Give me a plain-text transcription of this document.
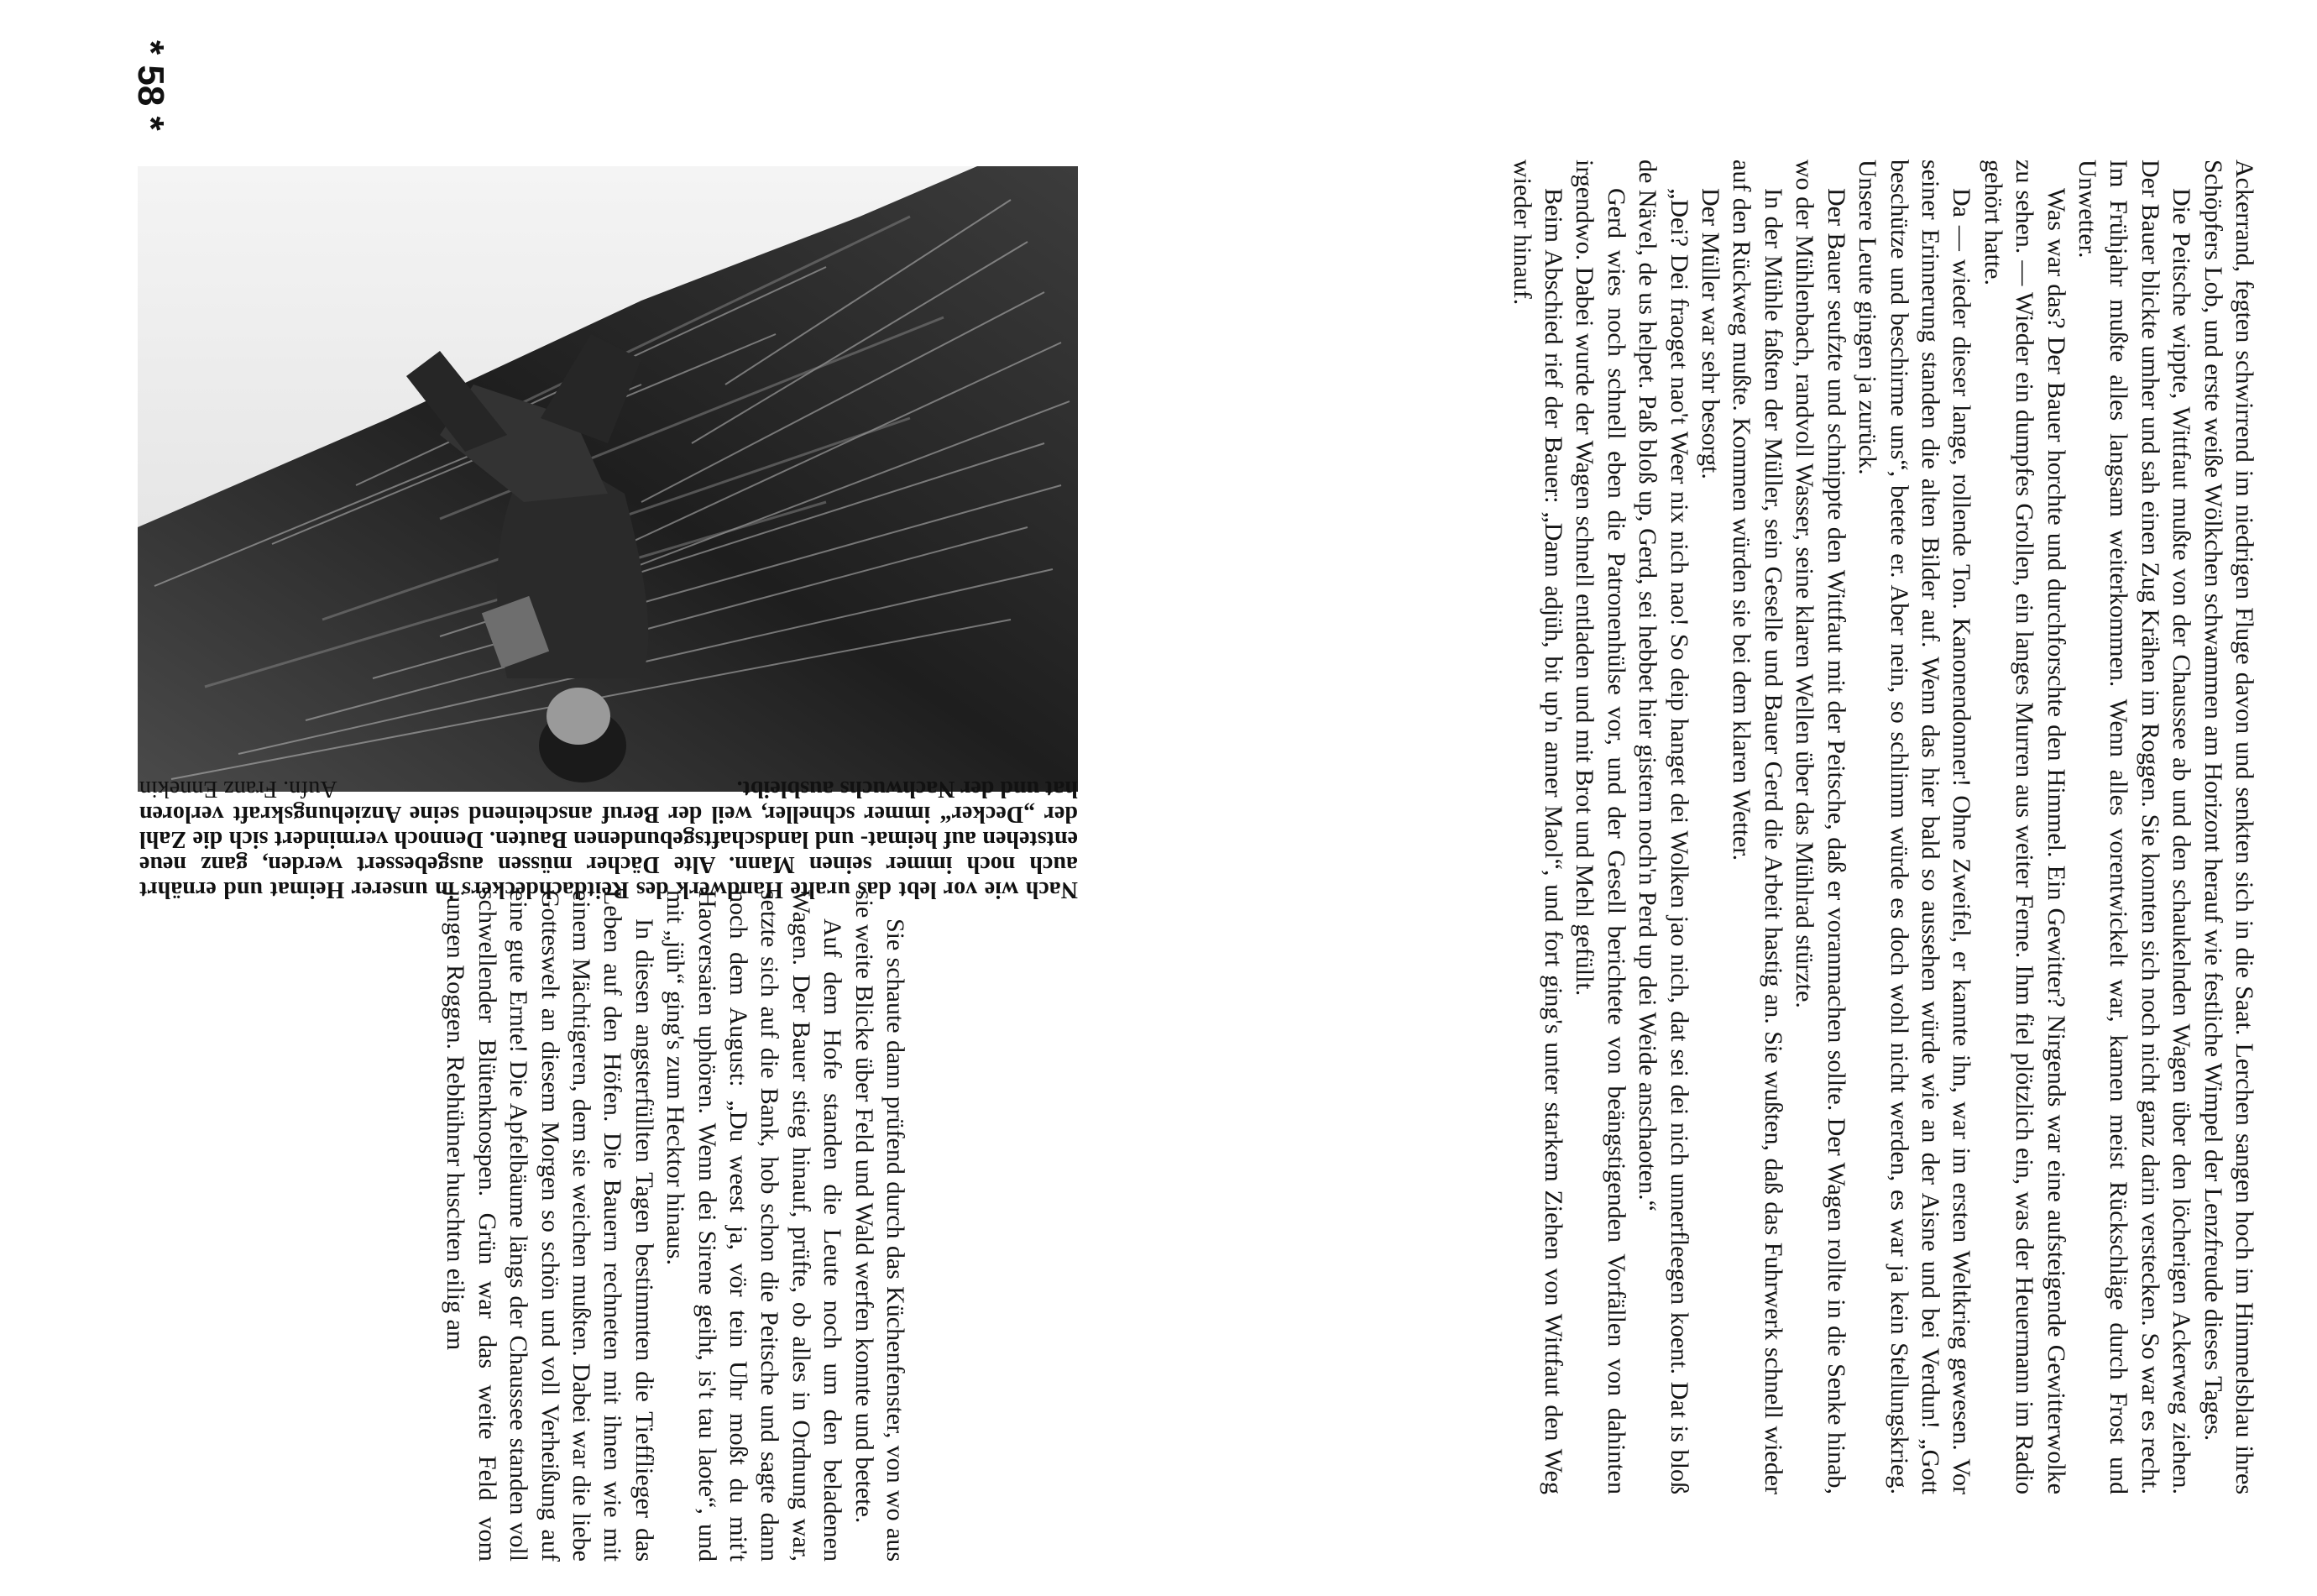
Nach wie vor lebt das uralte Handwerk des Reitdachdeckers in unserer Heimat und ernährt auch noch immer seinen Mann. Alte Dächer müssen ausgebessert werden, ganz neue entstehen auf heimat- und landschaftsgebundenen Bauten. Dennoch vermindert sich die Zahl der „Decker“ immer schneller, weil der Beruf anscheinend seine Anziehungskraft verloren hat und der Nachwuchs ausbleibt.
Aufn. Franz Ennekin
* 58 *

Ackerrand, fegten schwirrend im niedrigen Fluge davon und senkten sich in die Saat. Lerchen sangen hoch im Himmelsblau ihres Schöpfers Lob, und erste weiße Wölkchen schwammen am Horizont herauf wie festliche Wimpel der Lenzfreude dieses Tages.

Die Peitsche wippte, Wittfaut mußte von der Chaussee ab und den schaukelnden Wagen über den löcherigen Ackerweg ziehen. Der Bauer blickte umher und sah einen Zug Krähen im Roggen. Sie konnten sich noch nicht ganz darin verstecken. So war es recht. Im Frühjahr mußte alles langsam weiterkommen. Wenn alles vorentwickelt war, kamen meist Rückschläge durch Frost und Unwetter.

Was war das? Der Bauer horchte und durchforschte den Himmel. Ein Gewitter? Nirgends war eine aufsteigende Gewitterwolke zu sehen. — Wieder ein dumpfes Grollen, ein langes Murren aus weiter Ferne. Ihm fiel plötzlich ein, was der Heuermann im Radio gehört hatte.

Da — wieder dieser lange, rollende Ton. Kanonendonner! Ohne Zweifel, er kannte ihn, war im ersten Weltkrieg gewesen. Vor seiner Erinnerung standen die alten Bilder auf. Wenn das hier bald so aussehen würde wie an der Aisne und bei Verdun! „Gott beschütze und beschirme uns“, betete er. Aber nein, so schlimm würde es doch wohl nicht werden, es war ja kein Stellungskrieg. Unsere Leute gingen ja zurück.

Der Bauer seufzte und schnippte den Wittfaut mit der Peitsche, daß er voranmachen sollte. Der Wagen rollte in die Senke hinab, wo der Mühlenbach, randvoll Wasser, seine klaren Wellen über das Mühlrad stürzte.

In der Mühle faßten der Müller, sein Geselle und Bauer Gerd die Arbeit hastig an. Sie wußten, daß das Fuhrwerk schnell wieder auf den Rückweg mußte. Kommen würden sie bei dem klaren Wetter.

Der Müller war sehr besorgt.

„Dei? Dei fraoget nao't Weer nix nich nao! So deip hanget dei Wolken jao nich, dat sei dei nich unnerfleegen koent. Dat is bloß de Nävel, de us helpet. Paß bloß up, Gerd, sei hebbet hier gistern noch'n Perd up dei Weide anschaoten.“

Gerd wies noch schnell eben die Patronenhülse vor, und der Gesell berichtete von beängstigenden Vorfällen von dahinten irgendwo. Dabei wurde der Wagen schnell entladen und mit Brot und Mehl gefüllt.

Beim Abschied rief der Bauer: „Dann adjüh, bit up'n anner Maol“, und fort ging's unter starkem Ziehen von Wittfaut den Weg wieder hinauf.

Sie schaute dann prüfend durch das Küchenfenster, von wo aus sie weite Blicke über Feld und Wald werfen konnte und betete.

Auf dem Hofe standen die Leute noch um den beladenen Wagen. Der Bauer stieg hinauf, prüfte, ob alles in Ordnung war, setzte sich auf die Bank, hob schon die Peitsche und sagte dann noch dem August: „Du weest ja, vör tein Uhr moßt du mit't Haoversaien uphören. Wenn dei Sirene geiht, is't tau laote“, und mit „jüh“ ging's zum Hecktor hinaus.

In diesen angsterfüllten Tagen bestimmten die Tiefflieger das Leben auf den Höfen. Die Bauern rechneten mit ihnen wie mit einem Mächtigeren, dem sie weichen mußten. Dabei war die liebe Gotteswelt an diesem Morgen so schön und voll Verheißung auf eine gute Ernte! Die Apfelbäume längs der Chaussee standen voll schwellender Blütenknospen. Grün war das weite Feld vom jungen Roggen. Rebhühner huschten eilig am
